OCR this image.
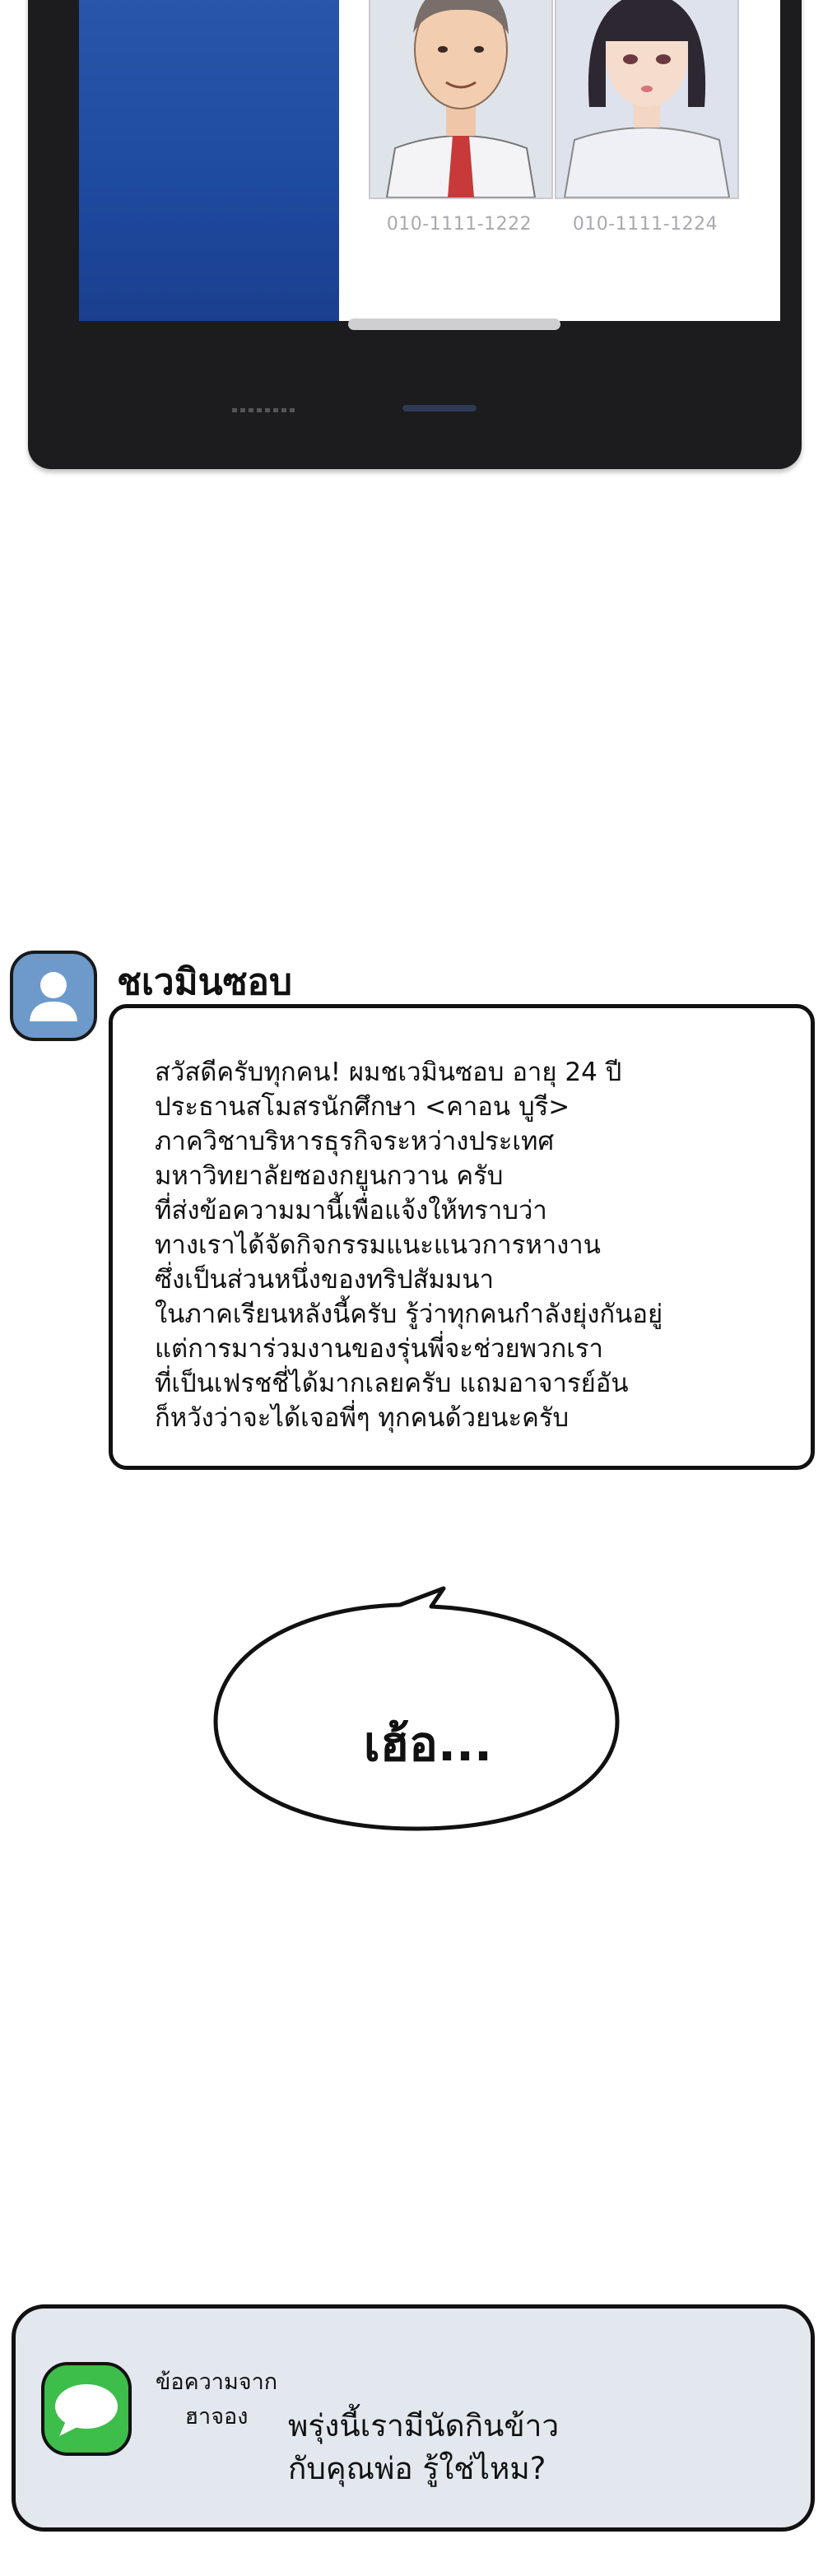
010-1111-1222	010-1111-1224
ชเวมินซอบ
สวัสดีครับทุกคน! ผมชเวมินซอบ อายุ 24 ปี
ประธานสโมสรนักศึกษา <คาอน บูรี>
ภาควิชาบริหารธุรกิจระหว่างประเทศ
มหาวิทยาลัยซองกยูนกวาน ครับ
ที่ส่งข้อความมานี้เพื่อแจ้งให้ทราบว่า
ทางเราได้จัดกิจกรรมแนะแนวการหางาน
ซึ่งเป็นส่วนหนึ่งของทริปสัมมนา
ในภาคเรียนหลังนี้ครับ รู้ว่าทุกคนกำลังยุ่งกันอยู่
แต่การมาร่วมงานของรุ่นพี่จะช่วยพวกเรา
ที่เป็นเฟรชชี่ได้มากเลยครับ แถมอาจารย์อัน
ก็หวังว่าจะได้เจอพี่ๆ ทุกคนด้วยนะครับ
เฮ้อ...
ข้อความจาก
ฮาจอง	พรุ่งนี้เรามีนัดกินข้าว
กับคุณพ่อ รู้ใช่ไหม?
